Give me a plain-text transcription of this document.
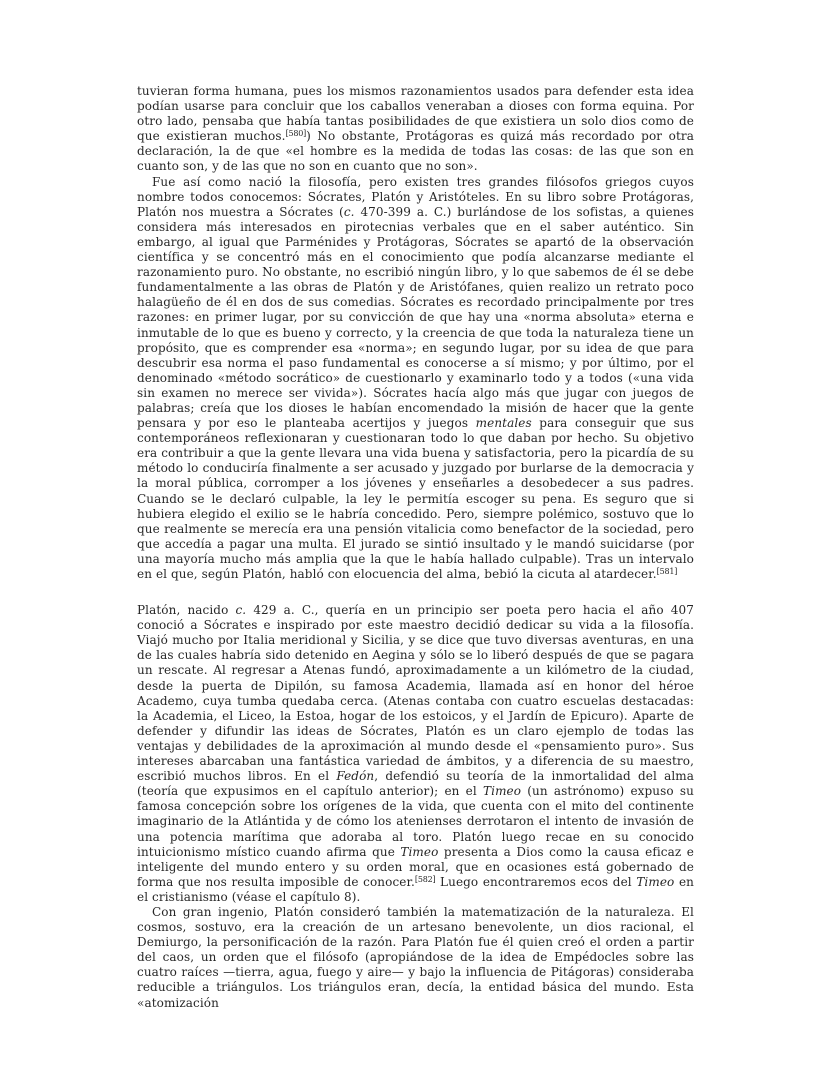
tuvieran forma humana, pues los mismos razonamientos usados para defender esta idea podían usarse para concluir que los caballos veneraban a dioses con forma equina. Por otro lado, pensaba que había tantas posibilidades de que existiera un solo dios como de que existieran muchos.[580]) No obstante, Protágoras es quizá más recordado por otra declaración, la de que «el hombre es la medida de todas las cosas: de las que son en cuanto son, y de las que no son en cuanto que no son».

Fue así como nació la filosofía, pero existen tres grandes filósofos griegos cuyos nombre todos conocemos: Sócrates, Platón y Aristóteles. En su libro sobre Protágoras, Platón nos muestra a Sócrates (c. 470-399 a. C.) burlándose de los sofistas, a quienes considera más interesados en pirotecnias verbales que en el saber auténtico. Sin embargo, al igual que Parménides y Protágoras, Sócrates se apartó de la observación científica y se concentró más en el conocimiento que podía alcanzarse mediante el razonamiento puro. No obstante, no escribió ningún libro, y lo que sabemos de él se debe fundamentalmente a las obras de Platón y de Aristófanes, quien realizo un retrato poco halagüeño de él en dos de sus comedias. Sócrates es recordado principalmente por tres razones: en primer lugar, por su convicción de que hay una «norma absoluta» eterna e inmutable de lo que es bueno y correcto, y la creencia de que toda la naturaleza tiene un propósito, que es comprender esa «norma»; en segundo lugar, por su idea de que para descubrir esa norma el paso fundamental es conocerse a sí mismo; y por último, por el denominado «método socrático» de cuestionarlo y examinarlo todo y a todos («una vida sin examen no merece ser vivida»). Sócrates hacía algo más que jugar con juegos de palabras; creía que los dioses le habían encomendado la misión de hacer que la gente pensara y por eso le planteaba acertijos y juegos mentales para conseguir que sus contemporáneos reflexionaran y cuestionaran todo lo que daban por hecho. Su objetivo era contribuir a que la gente llevara una vida buena y satisfactoria, pero la picardía de su método lo conduciría finalmente a ser acusado y juzgado por burlarse de la democracia y la moral pública, corromper a los jóvenes y enseñarles a desobedecer a sus padres. Cuando se le declaró culpable, la ley le permitía escoger su pena. Es seguro que si hubiera elegido el exilio se le habría concedido. Pero, siempre polémico, sostuvo que lo que realmente se merecía era una pensión vitalicia como benefactor de la sociedad, pero que accedía a pagar una multa. El jurado se sintió insultado y le mandó suicidarse (por una mayoría mucho más amplia que la que le había hallado culpable). Tras un intervalo en el que, según Platón, habló con elocuencia del alma, bebió la cicuta al atardecer.[581]

Platón, nacido c. 429 a. C., quería en un principio ser poeta pero hacia el año 407 conoció a Sócrates e inspirado por este maestro decidió dedicar su vida a la filosofía. Viajó mucho por Italia meridional y Sicilia, y se dice que tuvo diversas aventuras, en una de las cuales habría sido detenido en Aegina y sólo se lo liberó después de que se pagara un rescate. Al regresar a Atenas fundó, aproximadamente a un kilómetro de la ciudad, desde la puerta de Dipilón, su famosa Academia, llamada así en honor del héroe Academo, cuya tumba quedaba cerca. (Atenas contaba con cuatro escuelas destacadas: la Academia, el Liceo, la Estoa, hogar de los estoicos, y el Jardín de Epicuro). Aparte de defender y difundir las ideas de Sócrates, Platón es un claro ejemplo de todas las ventajas y debilidades de la aproximación al mundo desde el «pensamiento puro». Sus intereses abarcaban una fantástica variedad de ámbitos, y a diferencia de su maestro, escribió muchos libros. En el Fedón, defendió su teoría de la inmortalidad del alma (teoría que expusimos en el capítulo anterior); en el Timeo (un astrónomo) expuso su famosa concepción sobre los orígenes de la vida, que cuenta con el mito del continente imaginario de la Atlántida y de cómo los atenienses derrotaron el intento de invasión de una potencia marítima que adoraba al toro. Platón luego recae en su conocido intuicionismo místico cuando afirma que Timeo presenta a Dios como la causa eficaz e inteligente del mundo entero y su orden moral, que en ocasiones está gobernado de forma que nos resulta imposible de conocer.[582] Luego encontraremos ecos del Timeo en el cristianismo (véase el capítulo 8).

Con gran ingenio, Platón consideró también la matematización de la naturaleza. El cosmos, sostuvo, era la creación de un artesano benevolente, un dios racional, el Demiurgo, la personificación de la razón. Para Platón fue él quien creó el orden a partir del caos, un orden que el filósofo (apropiándose de la idea de Empédocles sobre las cuatro raíces —tierra, agua, fuego y aire— y bajo la influencia de Pitágoras) consideraba reducible a triángulos. Los triángulos eran, decía, la entidad básica del mundo. Esta «atomización
